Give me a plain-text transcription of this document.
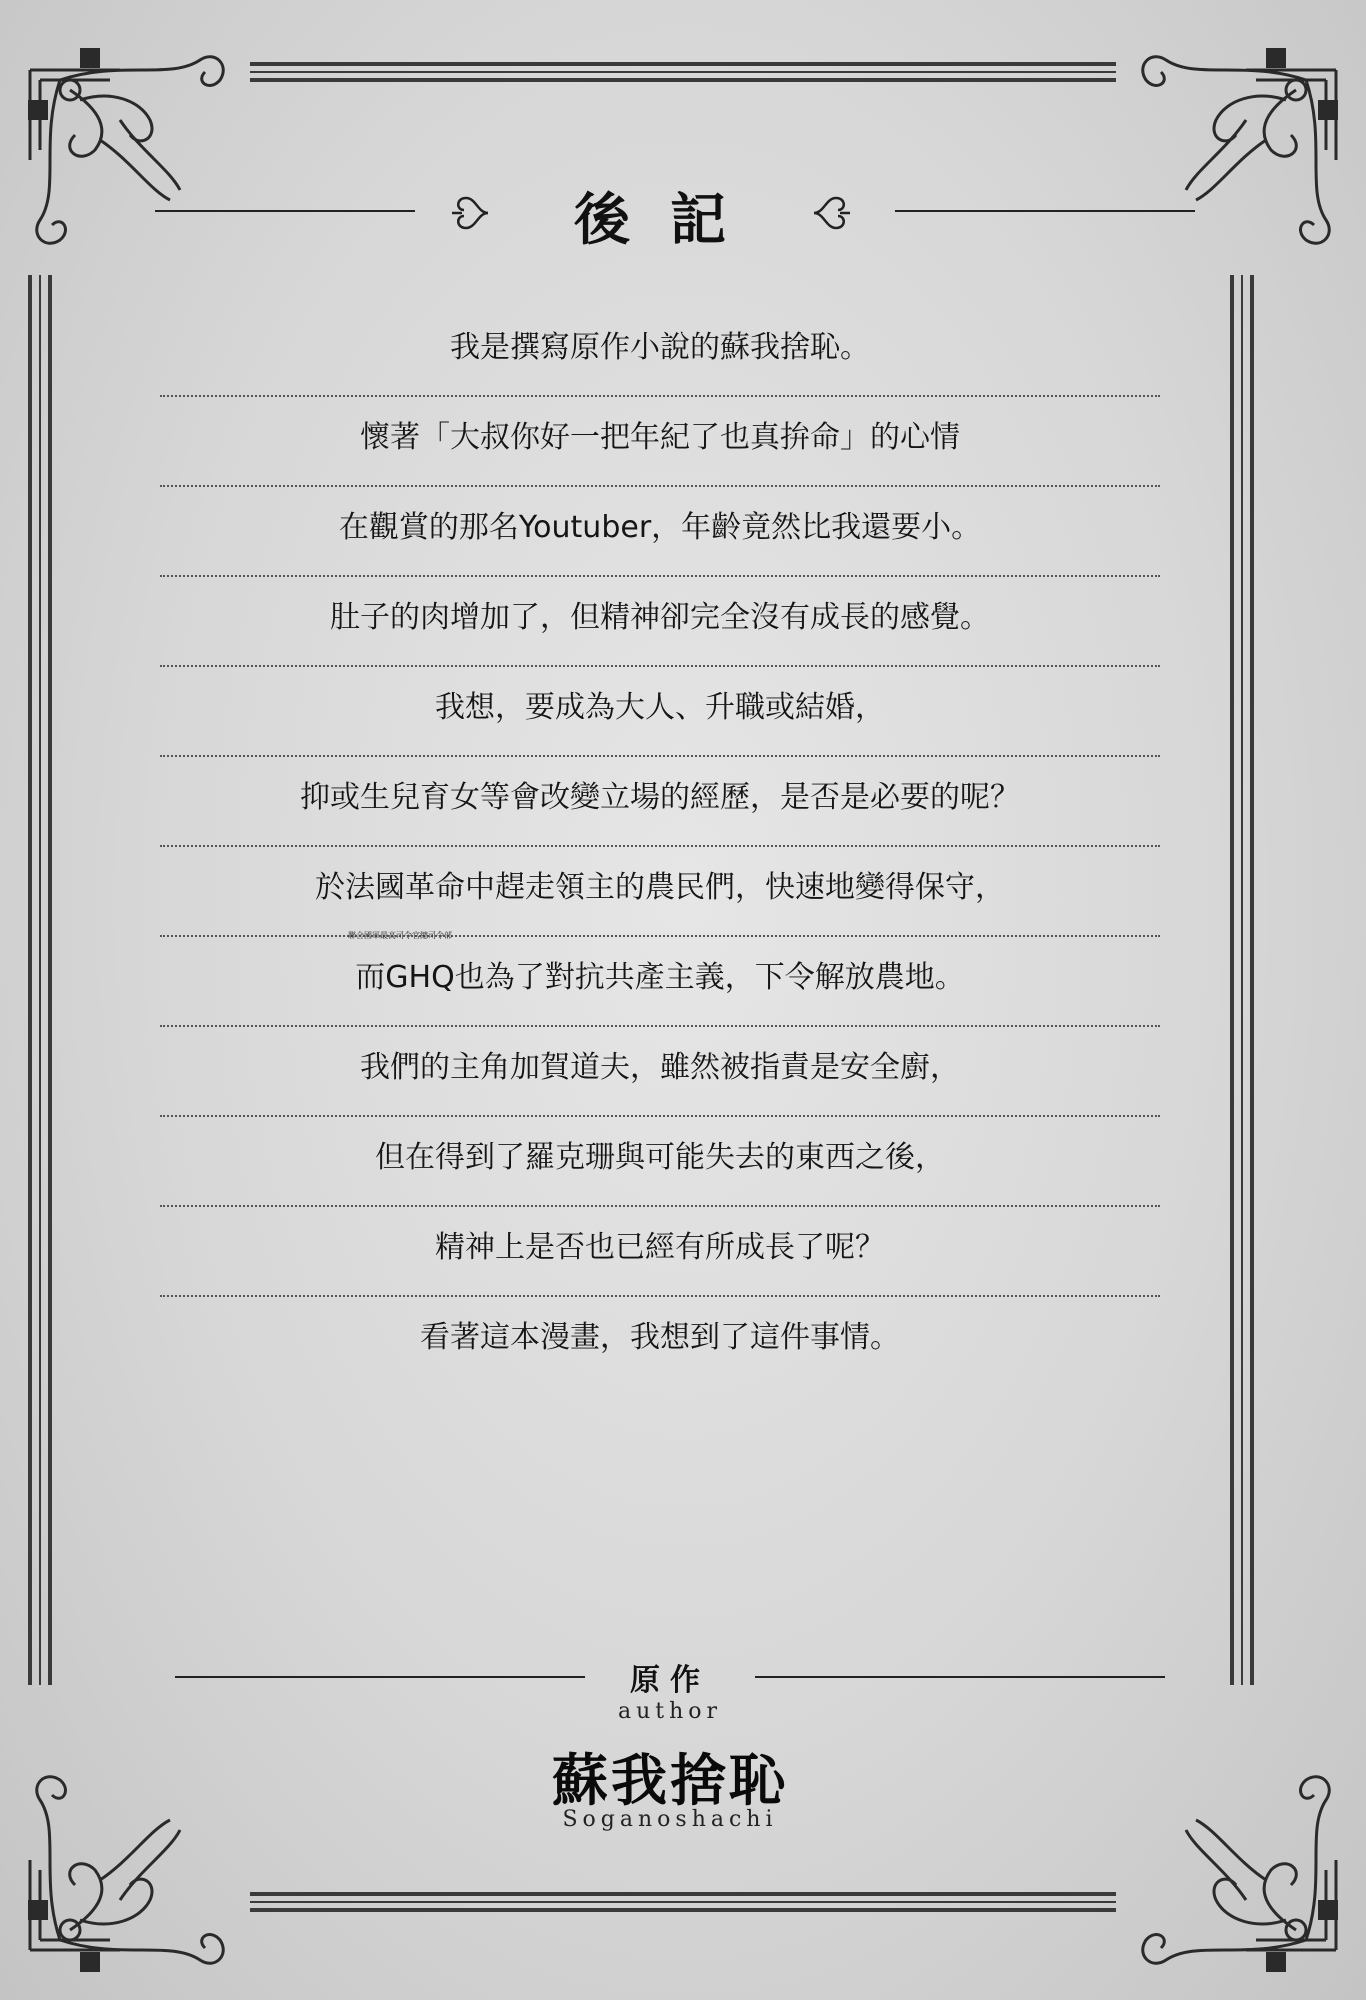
後記
我是撰寫原作小說的蘇我捨恥。
懷著「大叔你好一把年紀了也真拚命」的心情
在觀賞的那名Youtuber，年齡竟然比我還要小。
肚子的肉增加了，但精神卻完全沒有成長的感覺。
我想，要成為大人、升職或結婚，
抑或生兒育女等會改變立場的經歷，是否是必要的呢？
於法國革命中趕走領主的農民們，快速地變得保守，
聯合國軍最高司令官總司令部
而GHQ也為了對抗共產主義，下令解放農地。
我們的主角加賀道夫，雖然被指責是安全廚，
但在得到了羅克珊與可能失去的東西之後，
精神上是否也已經有所成長了呢？
看著這本漫畫，我想到了這件事情。
原作
author
蘇我捨恥
Soganoshachi
